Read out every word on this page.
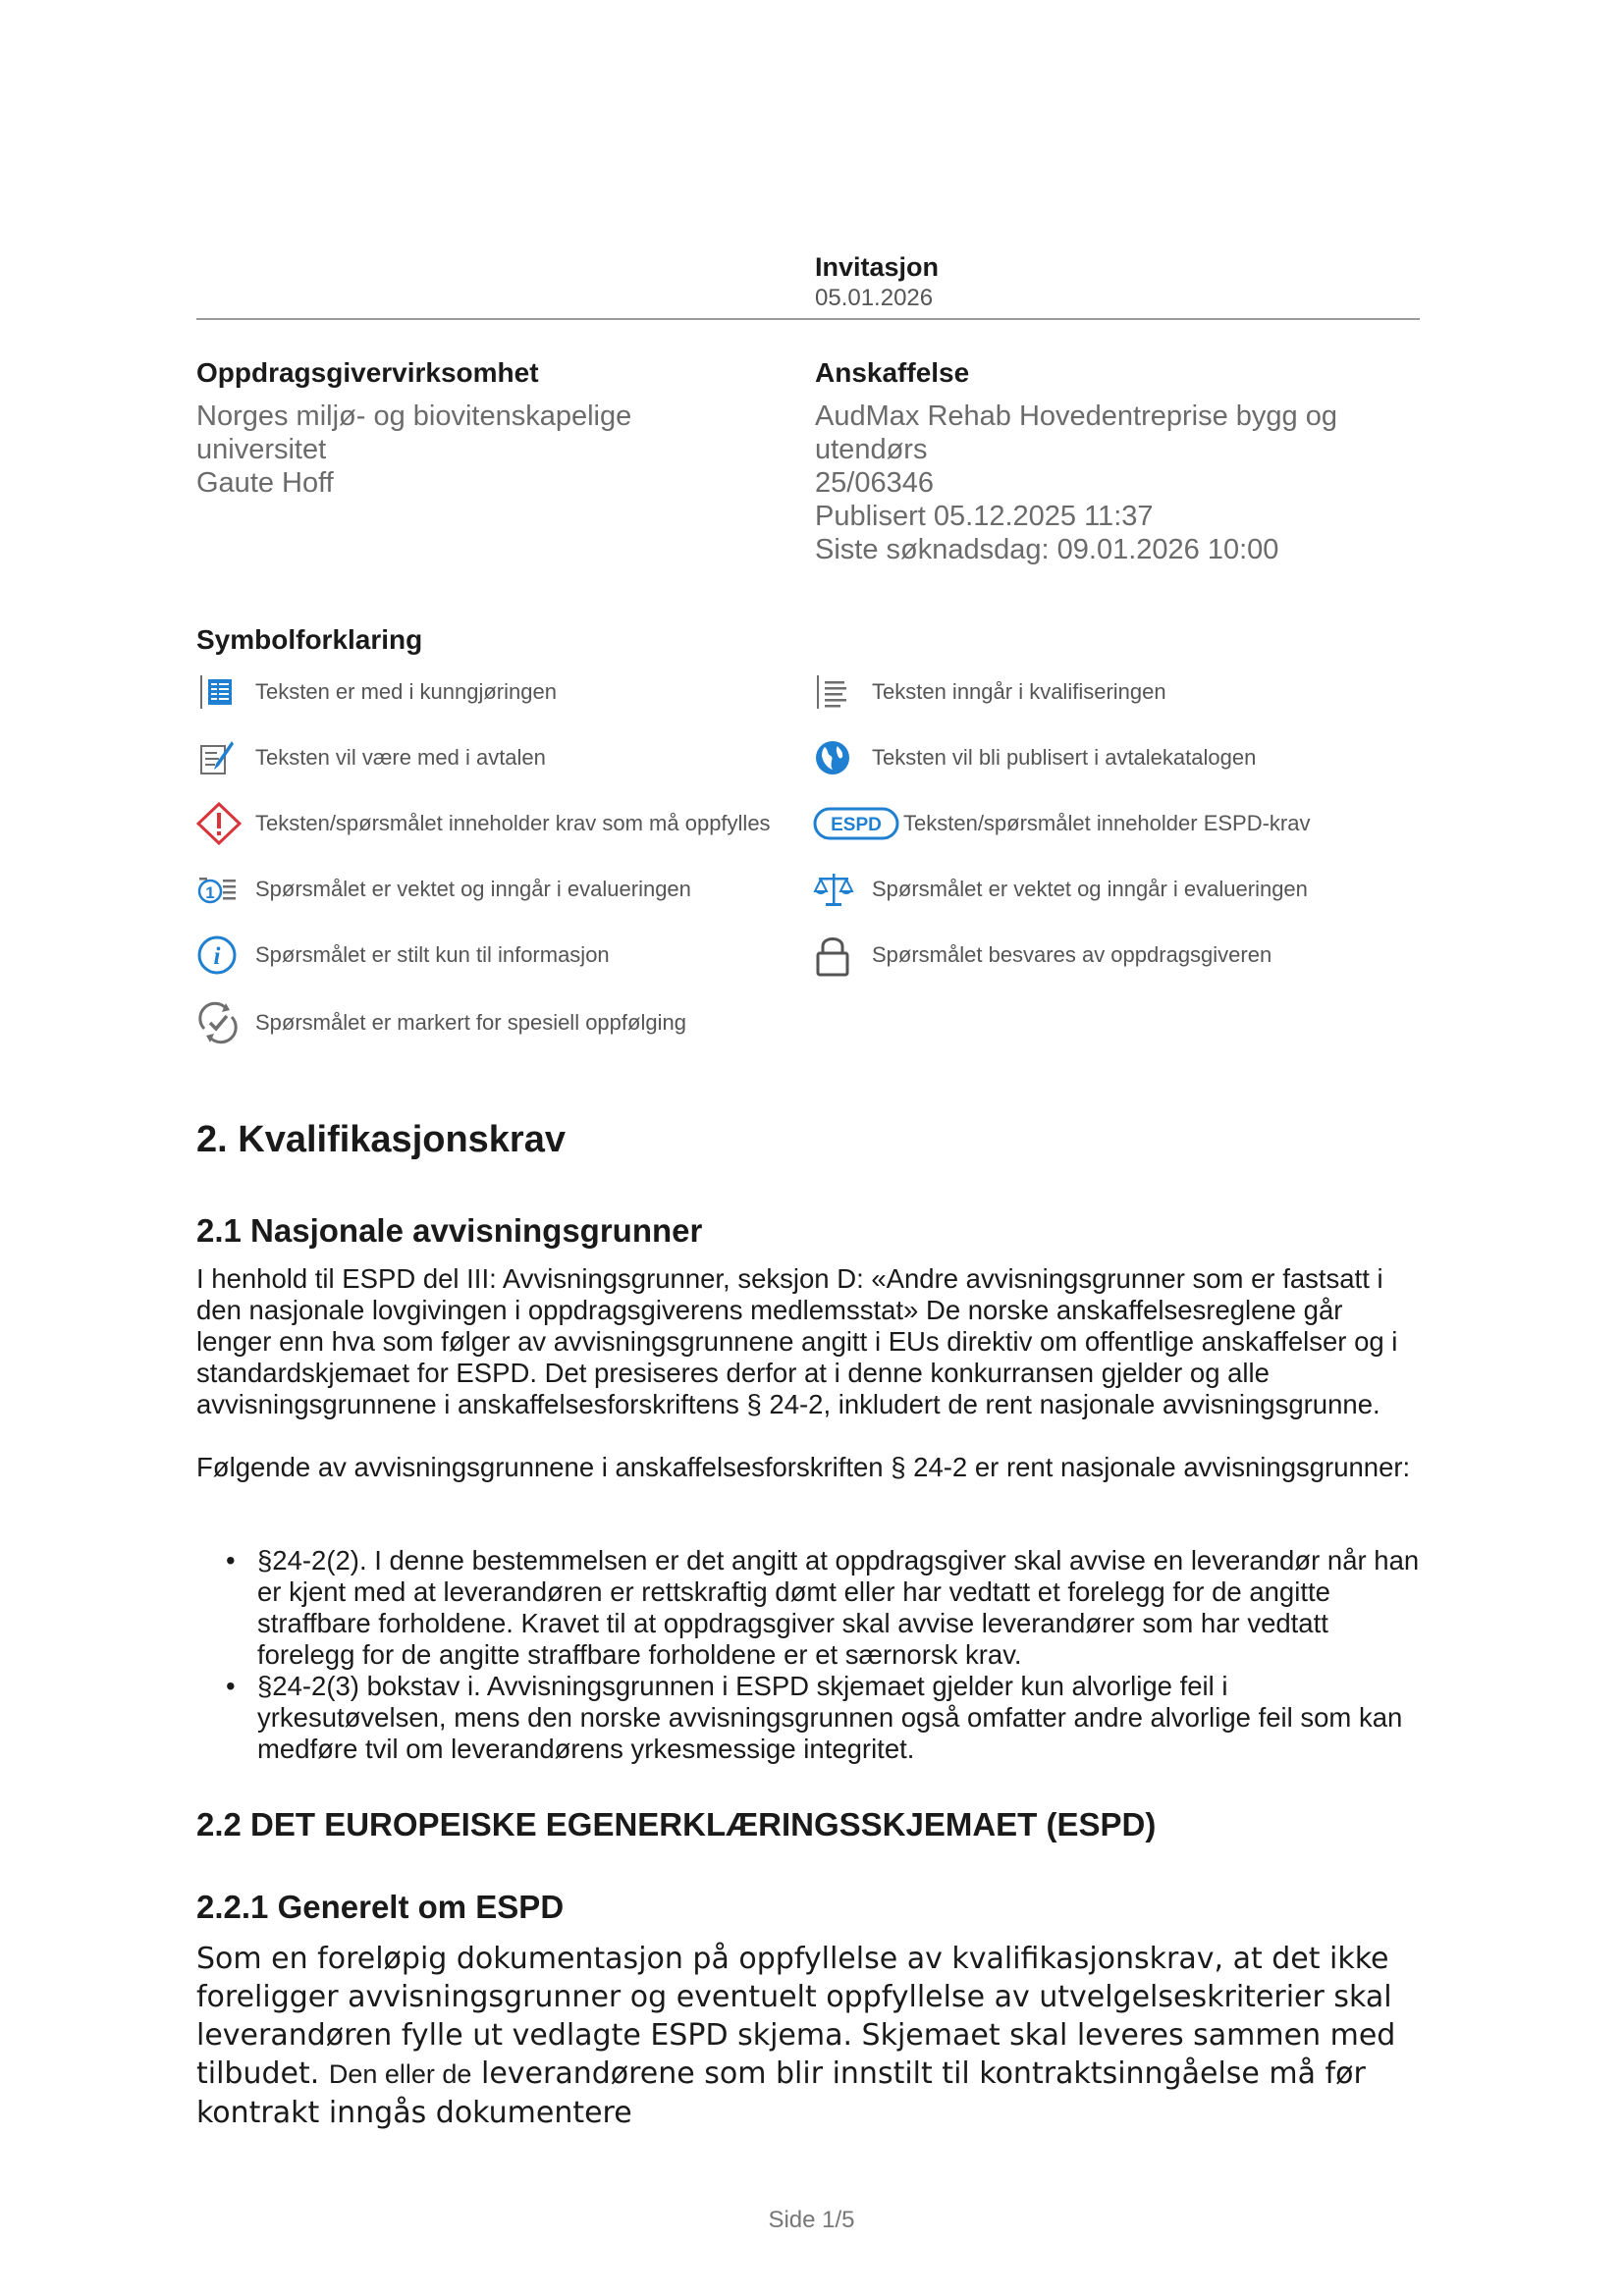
Invitasjon
05.01.2026
Oppdragsgivervirksomhet
Norges miljø- og biovitenskapelige
universitet
Gaute Hoff
Anskaffelse
AudMax Rehab Hovedentreprise bygg og
utendørs
25/06346
Publisert 05.12.2025 11:37
Siste søknadsdag: 09.01.2026 10:00
Symbolforklaring
Teksten er med i kunngjøringen	Teksten inngår i kvalifiseringen
Teksten vil være med i avtalen	Teksten vil bli publisert i avtalekatalogen
Teksten/spørsmålet inneholder krav som må oppfylles	ESPD Teksten/spørsmålet inneholder ESPD-krav
1 Spørsmålet er vektet og inngår i evalueringen	Spørsmålet er vektet og inngår i evalueringen
i Spørsmålet er stilt kun til informasjon	Spørsmålet besvares av oppdragsgiveren
Spørsmålet er markert for spesiell oppfølging
2. Kvalifikasjonskrav
2.1 Nasjonale avvisningsgrunner

I henhold til ESPD del III: Avvisningsgrunner, seksjon D: «Andre avvisningsgrunner som er fastsatt i den nasjonale lovgivingen i oppdragsgiverens medlemsstat» De norske anskaffelsesreglene går lenger enn hva som følger av avvisningsgrunnene angitt i EUs direktiv om offentlige anskaffelser og i standardskjemaet for ESPD. Det presiseres derfor at i denne konkurransen gjelder og alle avvisningsgrunnene i anskaffelsesforskriftens § 24-2, inkludert de rent nasjonale avvisningsgrunne.

Følgende av avvisningsgrunnene i anskaffelsesforskriften § 24-2 er rent nasjonale avvisningsgrunner:

• §24-2(2). I denne bestemmelsen er det angitt at oppdragsgiver skal avvise en leverandør når han er kjent med at leverandøren er rettskraftig dømt eller har vedtatt et forelegg for de angitte straffbare forholdene. Kravet til at oppdragsgiver skal avvise leverandører som har vedtatt forelegg for de angitte straffbare forholdene er et særnorsk krav.
• §24-2(3) bokstav i. Avvisningsgrunnen i ESPD skjemaet gjelder kun alvorlige feil i yrkesutøvelsen, mens den norske avvisningsgrunnen også omfatter andre alvorlige feil som kan medføre tvil om leverandørens yrkesmessige integritet.
2.2 DET EUROPEISKE EGENERKLÆRINGSSKJEMAET (ESPD)
2.2.1 Generelt om ESPD

Som en foreløpig dokumentasjon på oppfyllelse av kvalifikasjonskrav, at det ikke foreligger avvisningsgrunner og eventuelt oppfyllelse av utvelgelseskriterier skal leverandøren fylle ut vedlagte ESPD skjema. Skjemaet skal leveres sammen med tilbudet. Den eller de leverandørene som blir innstilt til kontraktsinngåelse må før kontrakt inngås dokumentere

Side 1/5
